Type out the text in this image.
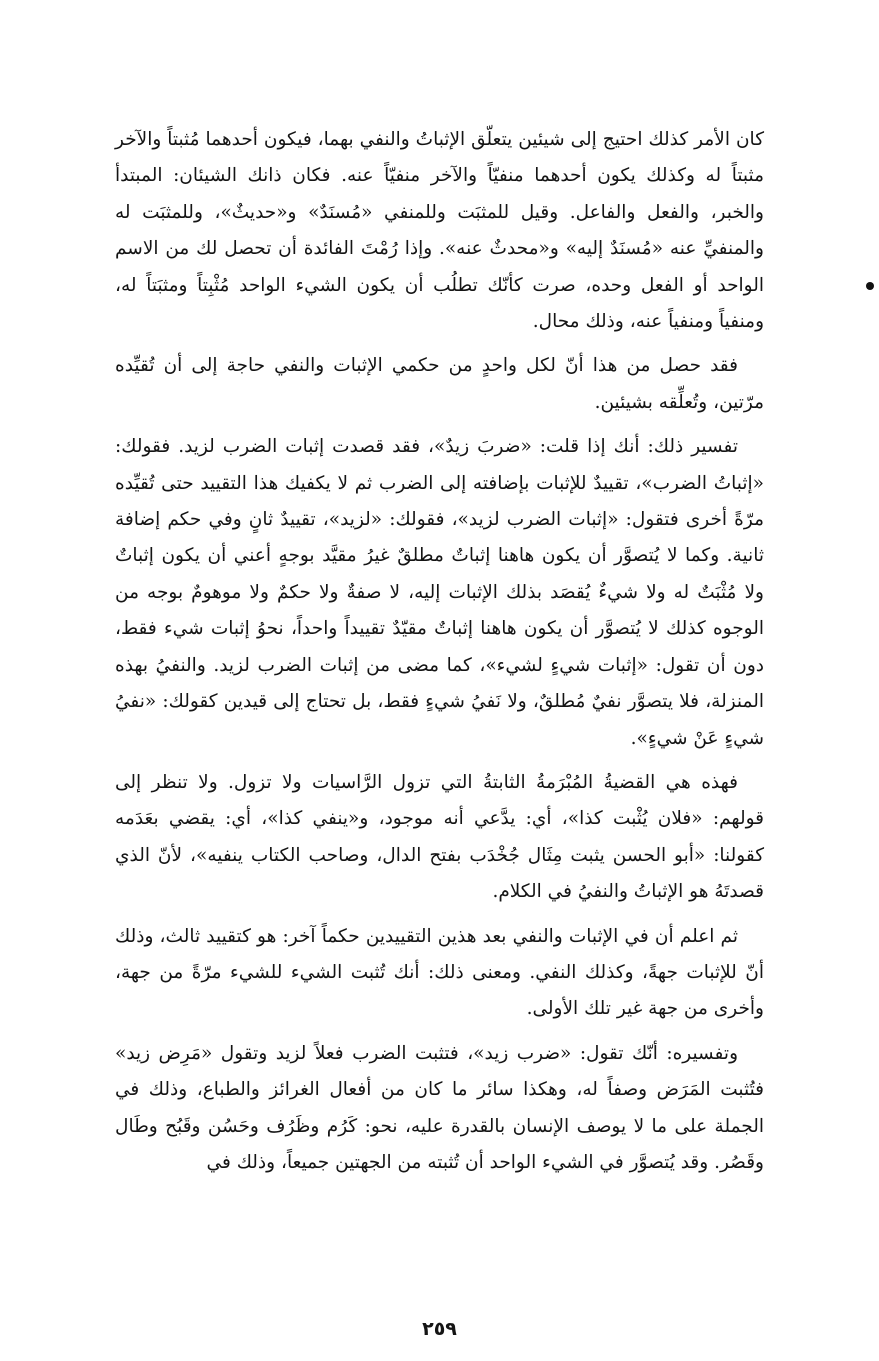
كان الأمر كذلك احتيج إلى شيئين يتعلّق الإثباتُ والنفي بهما، فيكون أحدهما مُثبتاً والآخر مثبتاً له وكذلك يكون أحدهما منفيّاً والآخر منفيّاً عنه. فكان ذانك الشيئان: المبتدأ والخبر، والفعل والفاعل. وقيل للمثبَت وللمنفي «مُسنَدٌ» و«حديثٌ»، وللمثبَت له والمنفيِّ عنه «مُسنَدٌ إليه» و«محدثٌ عنه». وإذا رُمْتَ الفائدة أن تحصل لك من الاسم الواحد أو الفعل وحده، صرت كأنّك تطلُب أن يكون الشيء الواحد مُثْبِتاً ومثبَتاً له، ومنفياً ومنفياً عنه، وذلك محال.

فقد حصل من هذا أنّ لكل واحدٍ من حكمي الإثبات والنفي حاجة إلى أن تُقيِّده مرّتين، وتُعلِّقه بشيئين.

تفسير ذلك: أنك إذا قلت: «ضربَ زيدٌ»، فقد قصدت إثبات الضرب لزيد. فقولك: «إثباتُ الضرب»، تقييدٌ للإثبات بإضافته إلى الضرب ثم لا يكفيك هذا التقييد حتى تُقيِّده مرّةً أخرى فتقول: «إثبات الضرب لزيد»، فقولك: «لزيد»، تقييدٌ ثانٍ وفي حكم إضافة ثانية. وكما لا يُتصوَّر أن يكون هاهنا إثباتٌ مطلقٌ غيرُ مقيَّد بوجهٍ أعني أن يكون إثباتٌ ولا مُثْبَتٌ له ولا شيءٌ يُقصَد بذلك الإثبات إليه، لا صفةٌ ولا حكمٌ ولا موهومٌ بوجه من الوجوه كذلك لا يُتصوَّر أن يكون هاهنا إثباتٌ مقيّدٌ تقييداً واحداً، نحوُ إثبات شيء فقط، دون أن تقول: «إثبات شيءٍ لشيء»، كما مضى من إثبات الضرب لزيد. والنفيُ بهذه المنزلة، فلا يتصوَّر نفيٌ مُطلقٌ، ولا نَفيُ شيءٍ فقط، بل تحتاج إلى قيدين كقولك: «نفيُ شيءٍ عَنْ شيءٍ».

فهذه هي القضيةُ المُبْرَمةُ الثابتةُ التي تزول الرَّاسيات ولا تزول. ولا تنظر إلى قولهم: «فلان يُثْبت كذا»، أي: يدَّعي أنه موجود، و«ينفي كذا»، أي: يقضي بعَدَمه كقولنا: «أبو الحسن يثبت مِثَال جُخْدَب بفتح الدال، وصاحب الكتاب ينفيه»، لأنّ الذي قصدتَهُ هو الإثباتُ والنفيُ في الكلام.

ثم اعلم أن في الإثبات والنفي بعد هذين التقييدين حكماً آخر: هو كتقييد ثالث، وذلك أنّ للإثبات جهةً، وكذلك النفي. ومعنى ذلك: أنك تُثبت الشيء للشيء مرّةً من جهة، وأخرى من جهة غير تلك الأولى.

وتفسيره: أنّك تقول: «ضرب زيد»، فتثبت الضرب فعلاً لزيد وتقول «مَرِض زيد» فتُثبت المَرَض وصفاً له، وهكذا سائر ما كان من أفعال الغرائز والطباع، وذلك في الجملة على ما لا يوصف الإنسان بالقدرة عليه، نحو: كَرُم وظَرُف وحَسُن وقَبُح وطَال وقَصُر. وقد يُتصوَّر في الشيء الواحد أن تُثبته من الجهتين جميعاً، وذلك في

٢٥٩
